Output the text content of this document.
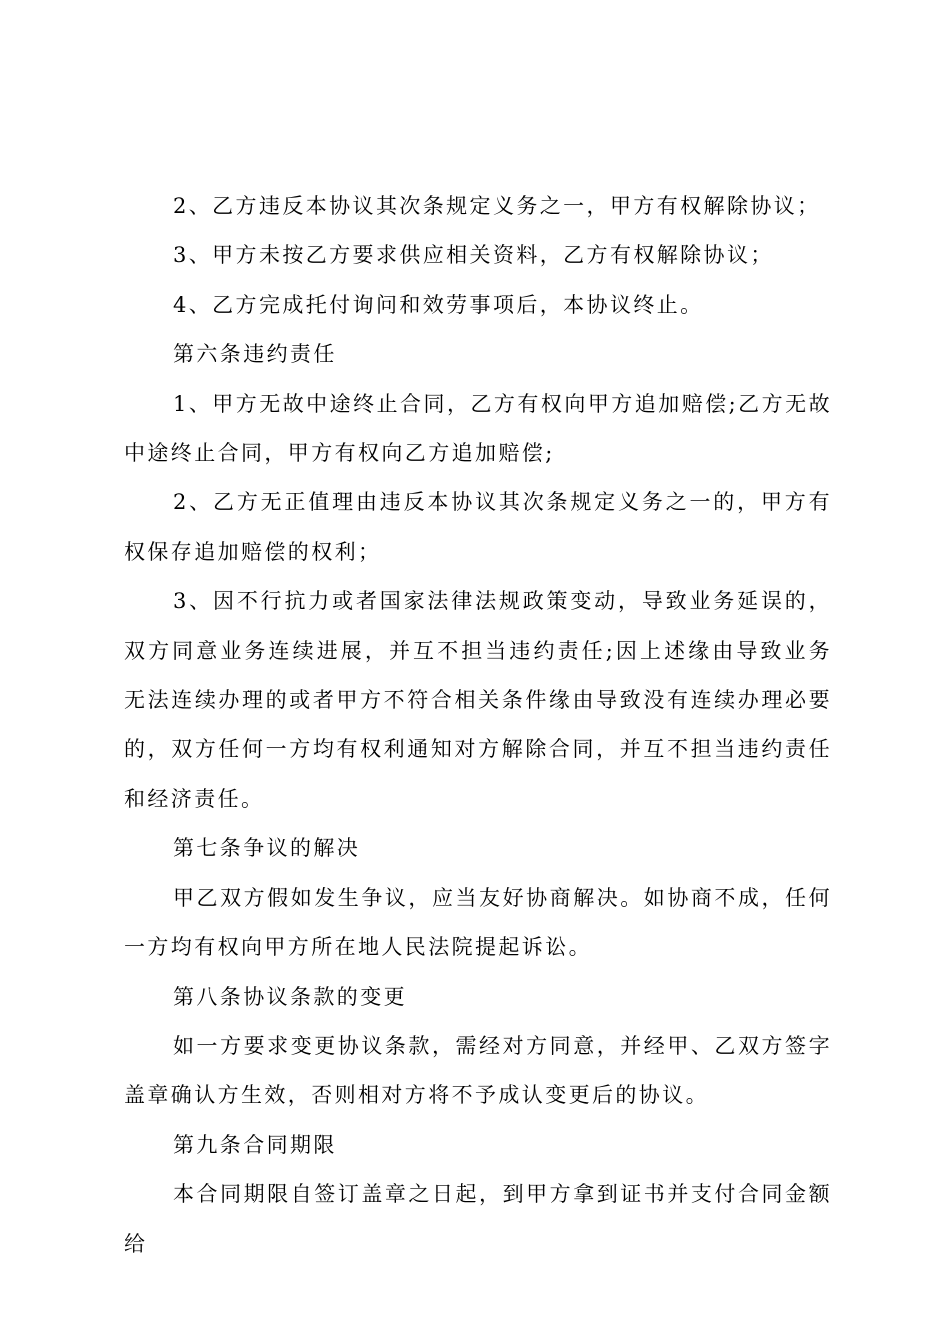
2、乙方违反本协议其次条规定义务之一，甲方有权解除协议；

3、甲方未按乙方要求供应相关资料，乙方有权解除协议；

4、乙方完成托付询问和效劳事项后，本协议终止。

第六条违约责任

1、甲方无故中途终止合同，乙方有权向甲方追加赔偿;乙方无故中途终止合同，甲方有权向乙方追加赔偿;

2、乙方无正值理由违反本协议其次条规定义务之一的，甲方有权保存追加赔偿的权利；

3、因不行抗力或者国家法律法规政策变动，导致业务延误的，双方同意业务连续进展，并互不担当违约责任;因上述缘由导致业务无法连续办理的或者甲方不符合相关条件缘由导致没有连续办理必要的，双方任何一方均有权利通知对方解除合同，并互不担当违约责任和经济责任。

第七条争议的解决

甲乙双方假如发生争议，应当友好协商解决。如协商不成，任何一方均有权向甲方所在地人民法院提起诉讼。

第八条协议条款的变更

如一方要求变更协议条款，需经对方同意，并经甲、乙双方签字盖章确认方生效，否则相对方将不予成认变更后的协议。

第九条合同期限

本合同期限自签订盖章之日起，到甲方拿到证书并支付合同金额给
